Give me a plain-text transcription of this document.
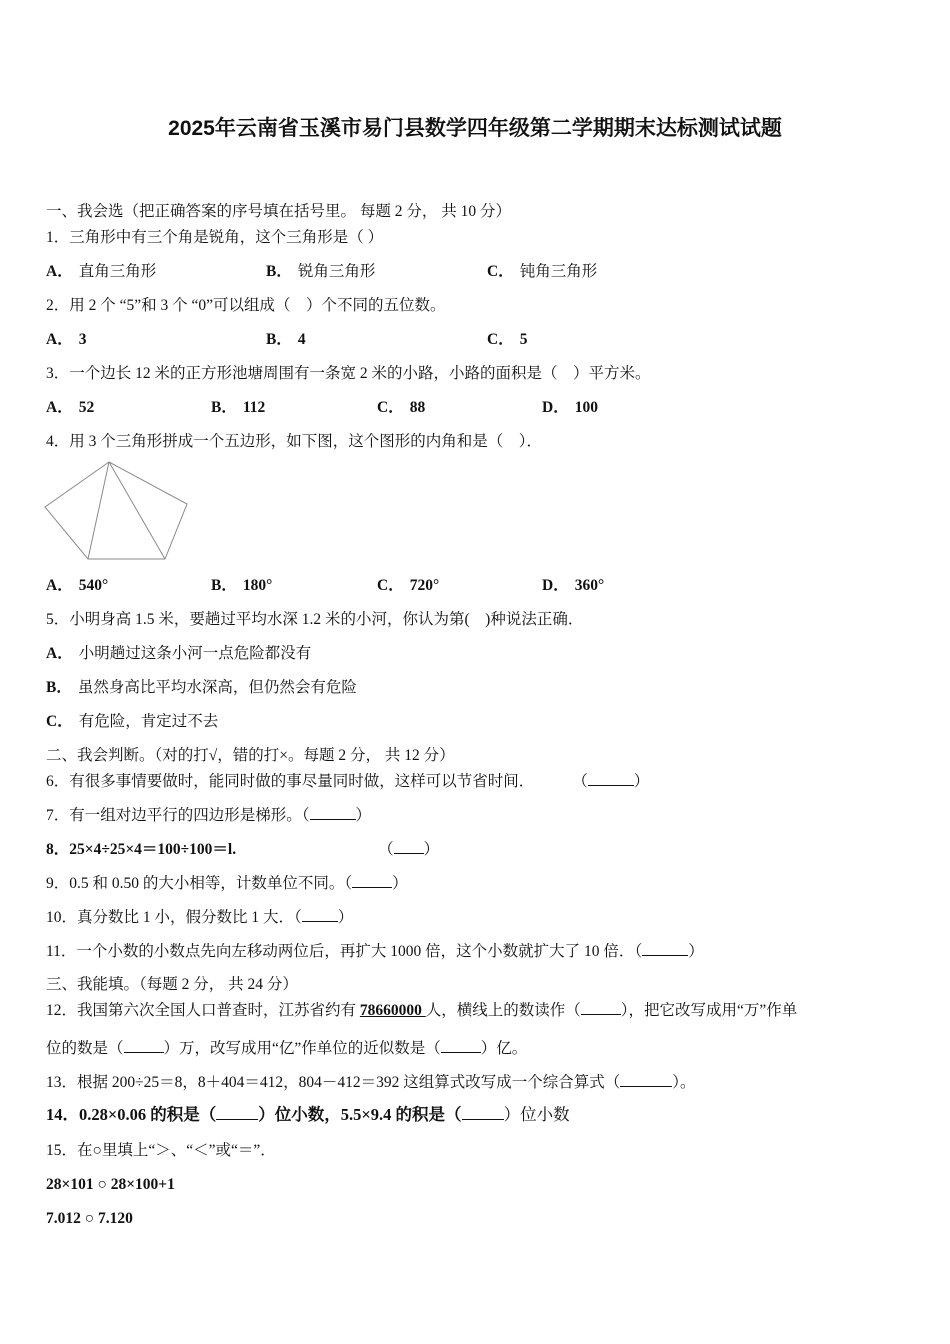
2025年云南省玉溪市易门县数学四年级第二学期期末达标测试试题
一、我会选（把正确答案的序号填在括号里。 每题 2 分， 共 10 分）
1．三角形中有三个角是锐角，这个三角形是（ ）
A． 直角三角形	B． 锐角三角形	C． 钝角三角形
2．用 2 个 “5”和 3 个 “0”可以组成（　）个不同的五位数。
A． 3	B． 4	C． 5
3．一个边长 12 米的正方形池塘周围有一条宽 2 米的小路，小路的面积是（　）平方米。
A． 52	B． 112	C． 88	D． 100
4．用 3 个三角形拼成一个五边形，如下图，这个图形的内角和是（　）．
A． 540°	B． 180°	C． 720°	D． 360°
5．小明身高 1.5 米，要趟过平均水深 1.2 米的小河，你认为第(　)种说法正确．
A． 小明趟过这条小河一点危险都没有
B． 虽然身高比平均水深高，但仍然会有危险
C． 有危险，肯定过不去
二、我会判断。（对的打√，错的打×。每题 2 分， 共 12 分）
6．有很多事情要做时，能同时做的事尽量同时做，这样可以节省时间． （	）
7．有一组对边平行的四边形是梯形。（	）
8．25×4÷25×4＝100÷100＝l.	（ ）
9．0.5 和 0.50 的大小相等，计数单位不同。（	）
10．真分数比 1 小，假分数比 1 大．（ ）
11．一个小数的小数点先向左移动两位后，再扩大 1000 倍，这个小数就扩大了 10 倍．（	）
三、我能填。（每题 2 分， 共 24 分）
12．我国第六次全国人口普查时，江苏省约有 78660000 人，横线上的数读作（	），把它改写成用“万”作单
位的数是（	）万，改写成用“亿”作单位的近似数是（	）亿。
13．根据 200÷25＝8，8＋404＝412，804－412＝392 这组算式改写成一个综合算式（	）。
14．0.28×0.06 的积是（	）位小数，5.5×9.4 的积是（	）位小数
15．在○里填上“＞、“＜”或“＝”．
28×101 ○ 28×100+1
7.012 ○ 7.120
